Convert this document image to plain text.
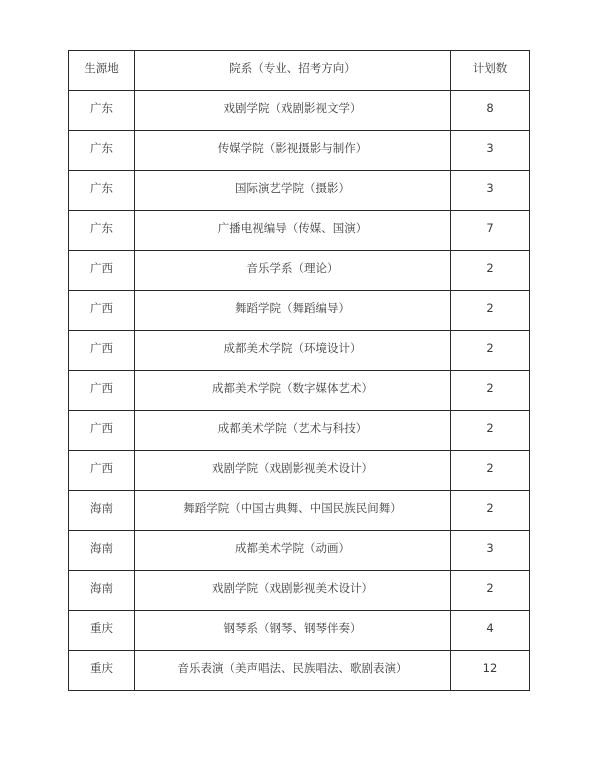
生源地	院系（专业、招考方向）	计划数

广东	戏剧学院（戏剧影视文学）	8

广东	传媒学院（影视摄影与制作）	3

广东	国际演艺学院（摄影）	3

广东	广播电视编导（传媒、国演）	7

广西	音乐学系（理论）	2

广西	舞蹈学院（舞蹈编导）	2

广西	成都美术学院（环境设计）	2

广西	成都美术学院（数字媒体艺术）	2

广西	成都美术学院（艺术与科技）	2

广西	戏剧学院（戏剧影视美术设计）	2

海南	舞蹈学院（中国古典舞、中国民族民间舞）	2

海南	成都美术学院（动画）	3

海南	戏剧学院（戏剧影视美术设计）	2

重庆	钢琴系（钢琴、钢琴伴奏）	4

重庆	音乐表演（美声唱法、民族唱法、歌剧表演）	12
